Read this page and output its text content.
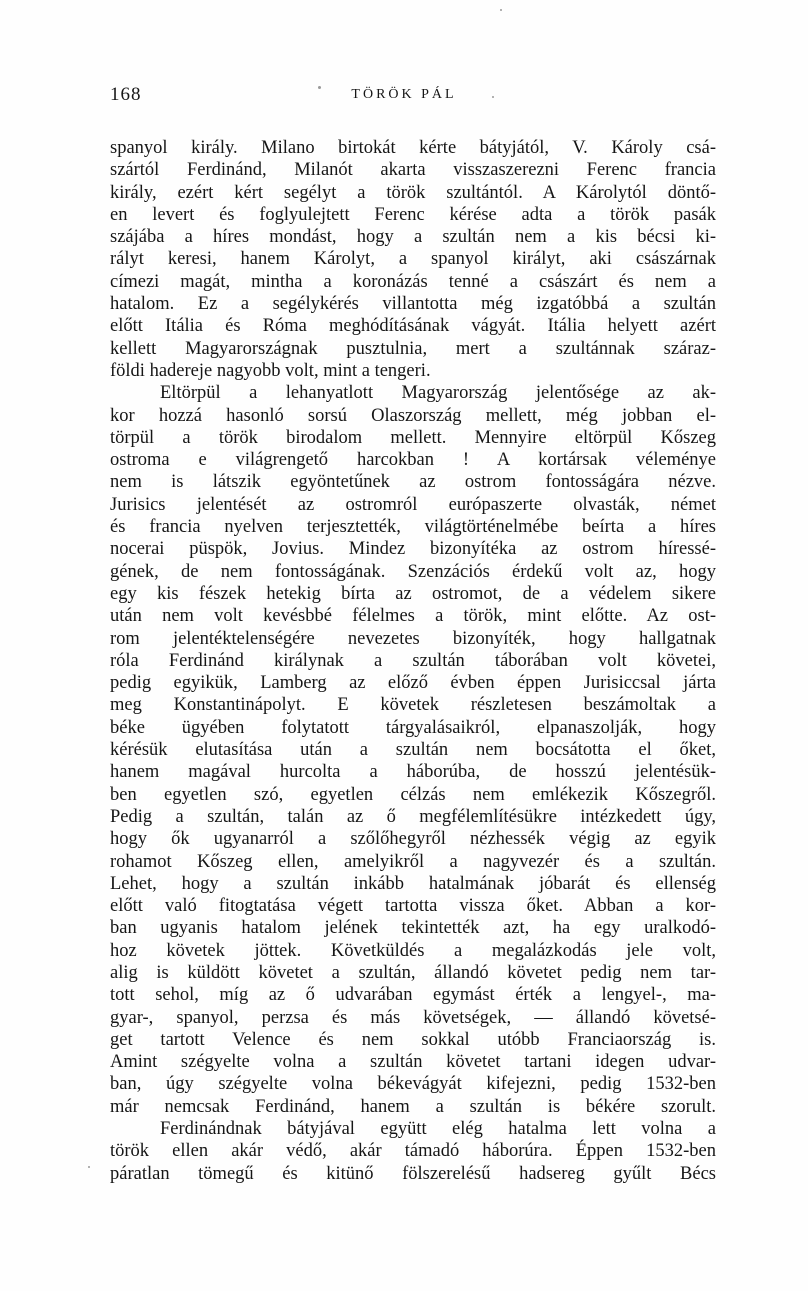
168	TÖRÖK PÁL
spanyol király. Milano birtokát kérte bátyjától, V. Károly csá-
szártól Ferdinánd, Milanót akarta visszaszerezni Ferenc francia
király, ezért kért segélyt a török szultántól. A Károlytól döntő-
en levert és foglyulejtett Ferenc kérése adta a török pasák
szájába a híres mondást, hogy a szultán nem a kis bécsi ki-
rályt keresi, hanem Károlyt, a spanyol királyt, aki császárnak
címezi magát, mintha a koronázás tenné a császárt és nem a
hatalom. Ez a segélykérés villantotta még izgatóbbá a szultán
előtt Itália és Róma meghódításának vágyát. Itália helyett azért
kellett Magyarországnak pusztulnia, mert a szultánnak száraz-
földi hadereje nagyobb volt, mint a tengeri.
Eltörpül a lehanyatlott Magyarország jelentősége az ak-
kor hozzá hasonló sorsú Olaszország mellett, még jobban el-
törpül a török birodalom mellett. Mennyire eltörpül Kőszeg
ostroma e világrengető harcokban ! A kortársak véleménye
nem is látszik egyöntetűnek az ostrom fontosságára nézve.
Jurisics jelentését az ostromról európaszerte olvasták, német
és francia nyelven terjesztették, világtörténelmébe beírta a híres
nocerai püspök, Jovius. Mindez bizonyítéka az ostrom híressé-
gének, de nem fontosságának. Szenzációs érdekű volt az, hogy
egy kis fészek hetekig bírta az ostromot, de a védelem sikere
után nem volt kevésbbé félelmes a török, mint előtte. Az ost-
rom jelentéktelenségére nevezetes bizonyíték, hogy hallgatnak
róla Ferdinánd királynak a szultán táborában volt követei,
pedig egyikük, Lamberg az előző évben éppen Jurisiccsal járta
meg Konstantinápolyt. E követek részletesen beszámoltak a
béke ügyében folytatott tárgyalásaikról, elpanaszolják, hogy
kérésük elutasítása után a szultán nem bocsátotta el őket,
hanem magával hurcolta a háborúba, de hosszú jelentésük-
ben egyetlen szó, egyetlen célzás nem emlékezik Kőszegről.
Pedig a szultán, talán az ő megfélemlítésükre intézkedett úgy,
hogy ők ugyanarról a szőlőhegyről nézhessék végig az egyik
rohamot Kőszeg ellen, amelyikről a nagyvezér és a szultán.
Lehet, hogy a szultán inkább hatalmának jóbarát és ellenség
előtt való fitogtatása végett tartotta vissza őket. Abban a kor-
ban ugyanis hatalom jelének tekintették azt, ha egy uralkodó-
hoz követek jöttek. Követküldés a megalázkodás jele volt,
alig is küldött követet a szultán, állandó követet pedig nem tar-
tott sehol, míg az ő udvarában egymást érték a lengyel-, ma-
gyar-, spanyol, perzsa és más követségek, — állandó követsé-
get tartott Velence és nem sokkal utóbb Franciaország is.
Amint szégyelte volna a szultán követet tartani idegen udvar-
ban, úgy szégyelte volna békevágyát kifejezni, pedig 1532-ben
már nemcsak Ferdinánd, hanem a szultán is békére szorult.
Ferdinándnak bátyjával együtt elég hatalma lett volna a
török ellen akár védő, akár támadó háborúra. Éppen 1532-ben
páratlan tömegű és kitünő fölszerelésű hadsereg gyűlt Bécs
